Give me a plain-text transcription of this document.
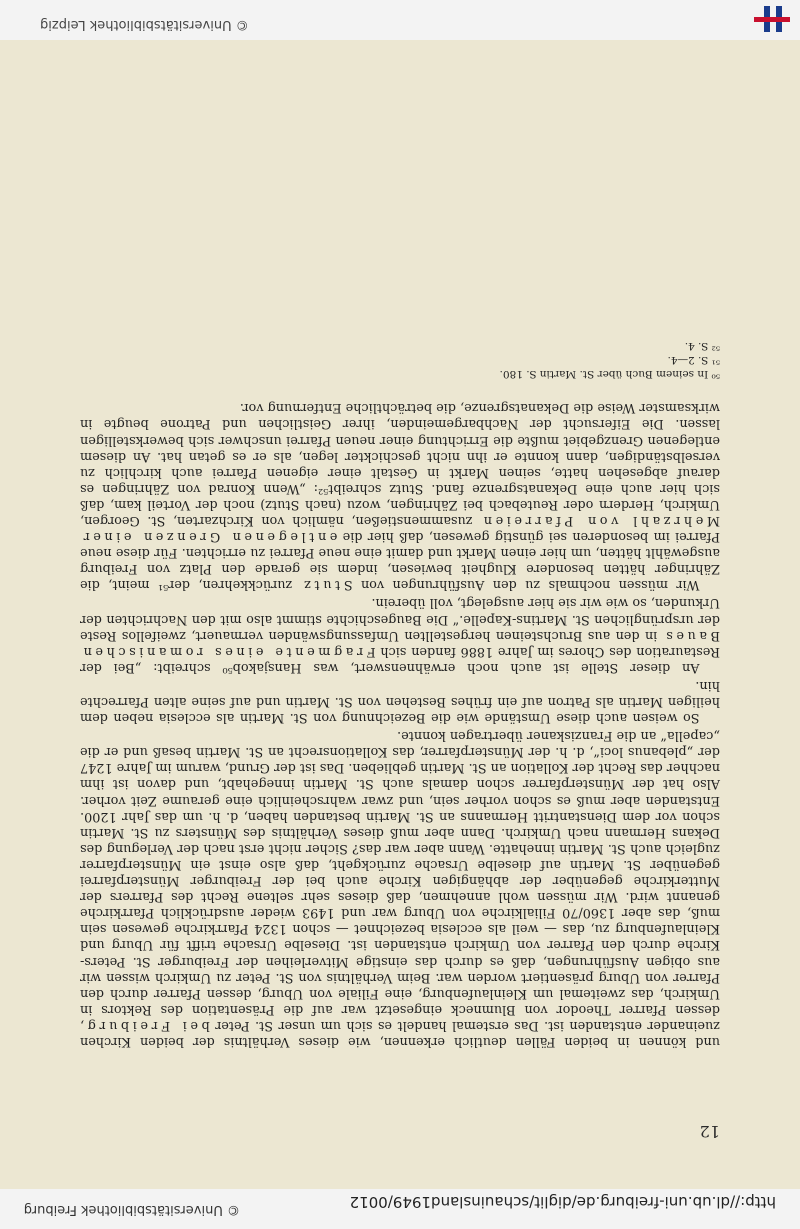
http://dl.ub.uni-freiburg.de/diglit/schauinsland1949/0012
© Universitätsbibliothek Freiburg
12

und können in beiden Fällen deutlich erkennen, wie dieses Verhältnis der beiden Kirchen zueinander entstanden ist. Das erstemal handelt es sich um unser St. Peter bei Freiburg, dessen Pfarrer Theodor von Blumneck eingesetzt war auf die Präsentation des Rektors in Umkirch, das zweitemal um Kleinlaufenburg, eine Filiale von Uburg, dessen Pfarrer durch den Pfarrer von Uburg präsentiert worden war. Beim Verhältnis von St. Peter zu Umkirch wissen wir aus obigen Ausführungen, daß es durch das einstige Mitverleihen der Freiburger St. Peters-Kirche durch den Pfarrer von Umkirch entstanden ist. Dieselbe Ursache trifft für Uburg und Kleinlaufenburg zu, das — weil als ecclesia bezeichnet — schon 1324 Pfarrkirche gewesen sein muß, das aber 1360/70 Filialkirche von Uburg war und 1493 wieder ausdrücklich Pfarrkirche genannt wird. Wir müssen wohl annehmen, daß dieses sehr seltene Recht des Pfarrers der Mutterkirche gegenüber der abhängigen Kirche auch bei der Freiburger Münsterpfarrei gegenüber St. Martin auf dieselbe Ursache zurückgeht, daß also einst ein Münsterpfarrer zugleich auch St. Martin innehatte. Wann aber war das? Sicher nicht erst nach der Verlegung des Dekans Hermann nach Umkirch. Dann aber muß dieses Verhältnis des Münsters zu St. Martin schon vor dem Dienstantritt Hermanns an St. Martin bestanden haben, d. h. um das Jahr 1200. Entstanden aber muß es schon vorher sein, und zwar wahrscheinlich eine geraume Zeit vorher. Also hat der Münsterpfarrer schon damals auch St. Martin innegehabt, und davon ist ihm nachher das Recht der Kollation an St. Martin geblieben. Das ist der Grund, warum im Jahre 1247 der „plebanus loci“, d. h. der Münsterpfarrer, das Kollationsrecht an St. Martin besaß und er die „capella“ an die Franziskaner übertragen konnte.

So weisen auch diese Umstände wie die Bezeichnung von St. Martin als ecclesia neben dem heiligen Martin als Patron auf ein frühes Bestehen von St. Martin und auf seine alten Pfarrechte hin.

An dieser Stelle ist auch noch erwähnenswert, was Hansjakob⁵⁰ schreibt: „Bei der Restauration des Chores im Jahre 1886 fanden sich Fragmente eines romanischen Baues in den aus Bruchsteinen hergestellten Umfassungswänden vermauert, zweifellos Reste der ursprünglichen St. Martins-Kapelle.“ Die Baugeschichte stimmt also mit den Nachrichten der Urkunden, so wie wir sie hier ausgelegt, voll überein.

Wir müssen nochmals zu den Ausführungen von Stutz zurückkehren, der⁵¹ meint, die Zähringer hätten besondere Klugheit bewiesen, indem sie gerade den Platz von Freiburg ausgewählt hätten, um hier einen Markt und damit eine neue Pfarrei zu errichten. Für diese neue Pfarrei im besonderen sei günstig gewesen, daß hier die entlegenen Grenzen einer Mehrzahl von Pfarreien zusammenstießen, nämlich von Kirchzarten, St. Georgen, Umkirch, Herdern oder Reutebach bei Zähringen, wozu (nach Stutz) noch der Vorteil kam, daß sich hier auch eine Dekanatsgrenze fand. Stutz schreibt⁵²: „Wenn Konrad von Zähringen es darauf abgesehen hatte, seinen Markt in Gestalt einer eigenen Pfarrei auch kirchlich zu verselbständigen, dann konnte er ihn nicht geschickter legen, als er es getan hat. An diesem entlegenen Grenzgebiet mußte die Errichtung einer neuen Pfarrei unschwer sich bewerkstelligen lassen. Die Eifersucht der Nachbargemeinden, ihrer Geistlichen und Patrone beugte in wirksamster Weise die Dekanatsgrenze, die beträchtliche Entfernung vor.

⁵⁰ In seinem Buch über St. Martin S. 180.

⁵¹ S. 2—4.

⁵² S. 4.

© Universitätsbibliothek Leipzig
